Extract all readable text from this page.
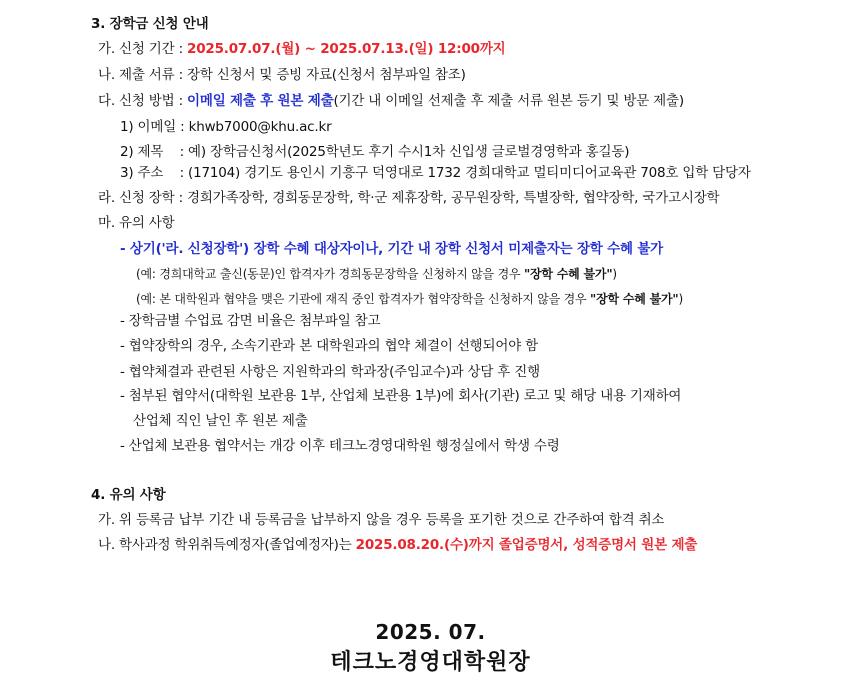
3. 장학금 신청 안내
가. 신청 기간 : 2025.07.07.(월) ~ 2025.07.13.(일) 12:00까지
나. 제출 서류 : 장학 신청서 및 증빙 자료(신청서 첨부파일 참조)
다. 신청 방법 : 이메일 제출 후 원본 제출(기간 내 이메일 선제출 후 제출 서류 원본 등기 및 방문 제출)
1) 이메일 : khwb7000@khu.ac.kr
2) 제목    : 예) 장학금신청서(2025학년도 후기 수시1차 신입생 글로벌경영학과 홍길동)
3) 주소    : (17104) 경기도 용인시 기흥구 덕영대로 1732 경희대학교 멀티미디어교육관 708호 입학 담당자
라. 신청 장학 : 경희가족장학, 경희동문장학, 학·군 제휴장학, 공무원장학, 특별장학, 협약장학, 국가고시장학
마. 유의 사항
- 상기('라. 신청장학') 장학 수혜 대상자이나, 기간 내 장학 신청서 미제출자는 장학 수혜 불가
(예: 경희대학교 출신(동문)인 합격자가 경희동문장학을 신청하지 않을 경우 "장학 수혜 불가")
(예: 본 대학원과 협약을 맺은 기관에 재직 중인 합격자가 협약장학을 신청하지 않을 경우 "장학 수혜 불가")
- 장학금별 수업료 감면 비율은 첨부파일 참고
- 협약장학의 경우, 소속기관과 본 대학원과의 협약 체결이 선행되어야 함
- 협약체결과 관련된 사항은 지원학과의 학과장(주임교수)과 상담 후 진행
- 첨부된 협약서(대학원 보관용 1부, 산업체 보관용 1부)에 회사(기관) 로고 및 해당 내용 기재하여
산업체 직인 날인 후 원본 제출
- 산업체 보관용 협약서는 개강 이후 테크노경영대학원 행정실에서 학생 수령
4. 유의 사항
가. 위 등록금 납부 기간 내 등록금을 납부하지 않을 경우 등록을 포기한 것으로 간주하여 합격 취소
나. 학사과정 학위취득예정자(졸업예정자)는 2025.08.20.(수)까지 졸업증명서, 성적증명서 원본 제출
2025. 07.
테크노경영대학원장
